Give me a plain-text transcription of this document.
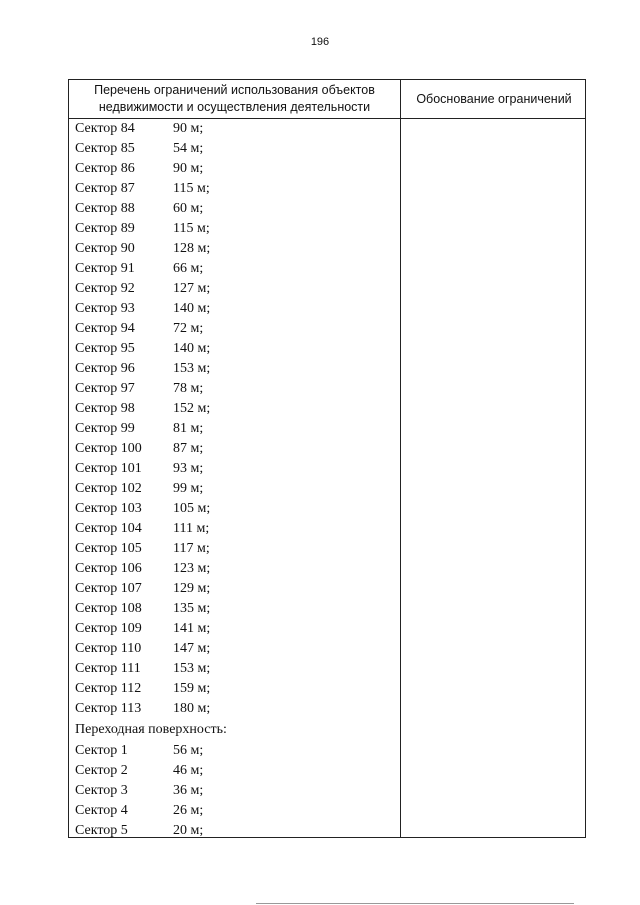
196
Перечень ограничений использования объектов
недвижимости и осуществления деятельности
Обоснование ограничений
Сектор 84	90 м;
Сектор 85	54 м;
Сектор 86	90 м;
Сектор 87	115 м;
Сектор 88	60 м;
Сектор 89	115 м;
Сектор 90	128 м;
Сектор 91	66 м;
Сектор 92	127 м;
Сектор 93	140 м;
Сектор 94	72 м;
Сектор 95	140 м;
Сектор 96	153 м;
Сектор 97	78 м;
Сектор 98	152 м;
Сектор 99	81 м;
Сектор 100 87 м;
Сектор 101 93 м;
Сектор 102 99 м;
Сектор 103 105 м;
Сектор 104 111 м;
Сектор 105 117 м;
Сектор 106 123 м;
Сектор 107 129 м;
Сектор 108 135 м;
Сектор 109 141 м;
Сектор 110 147 м;
Сектор 111 153 м;
Сектор 112 159 м;
Сектор 113 180 м;
Переходная поверхность:
Сектор 1	56 м;
Сектор 2	46 м;
Сектор 3	36 м;
Сектор 4	26 м;
Сектор 5	20 м;
